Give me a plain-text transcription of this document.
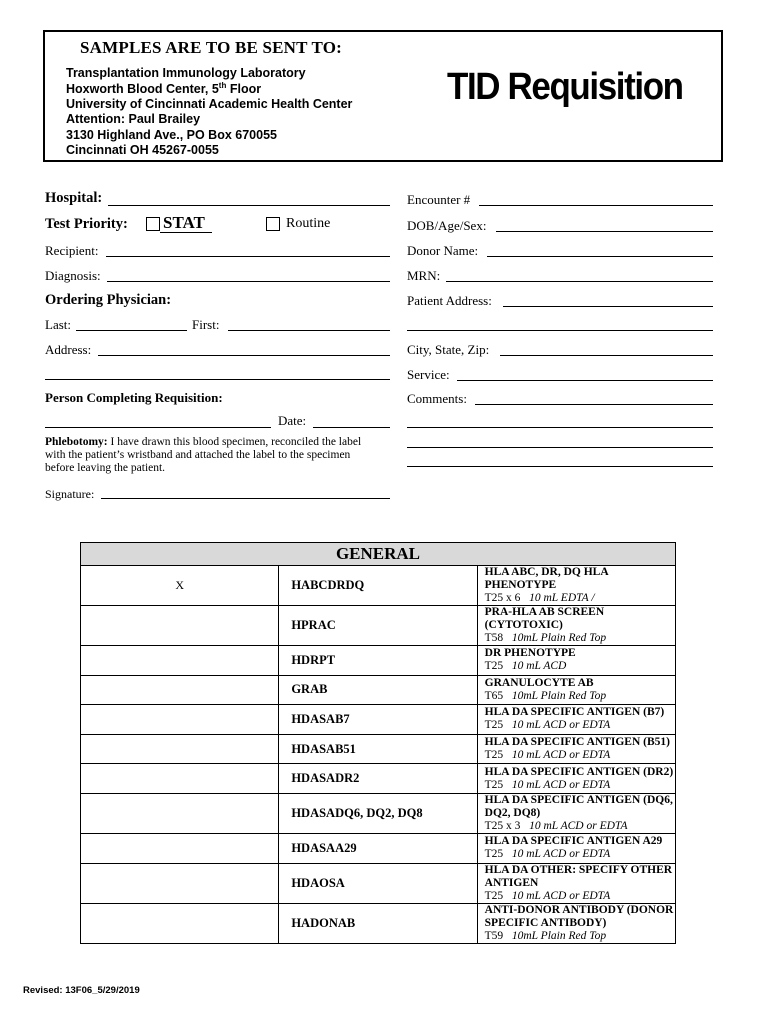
SAMPLES ARE TO BE SENT TO:
Transplantation Immunology Laboratory
Hoxworth Blood Center, 5th Floor
University of Cincinnati Academic Health Center
Attention: Paul Brailey
3130 Highland Ave., PO Box 670055
Cincinnati OH 45267-0055
TID Requisition
Hospital:
Test Priority: STAT	Routine
Recipient:
Diagnosis:
Ordering Physician:
Last:	First:
Address:
Person Completing Requisition:
Date:
Phlebotomy: I have drawn this blood specimen, reconciled the label with the patient’s wristband and attached the label to the specimen before leaving the patient.
Signature:
Encounter #
DOB/Age/Sex:
Donor Name:
MRN:
Patient Address:
City, State, Zip:
Service:
Comments:
GENERAL		
X	HABCDRDQ	HLA ABC, DR, DQ HLA PHENOTYPE
T25 x 6 10 mL EDTA /

	HPRAC	PRA-HLA AB SCREEN (CYTOTOXIC)
T58 10mL Plain Red Top

	HDRPT	DR PHENOTYPE
T25 10 mL ACD

	GRAB	GRANULOCYTE AB
T65 10mL Plain Red Top

	HDASAB7	HLA DA SPECIFIC ANTIGEN (B7)
T25 10 mL ACD or EDTA

	HDASAB51	HLA DA SPECIFIC ANTIGEN (B51)
T25 10 mL ACD or EDTA

	HDASADR2	HLA DA SPECIFIC ANTIGEN (DR2)
T25 10 mL ACD or EDTA

	HDASADQ6, DQ2, DQ8	HLA DA SPECIFIC ANTIGEN (DQ6, DQ2, DQ8)
T25 x 3 10 mL ACD or EDTA

	HDASAA29	HLA DA SPECIFIC ANTIGEN A29
T25 10 mL ACD or EDTA

	HDAOSA	HLA DA OTHER: SPECIFY OTHER ANTIGEN
T25 10 mL ACD or EDTA

	HADONAB	ANTI-DONOR ANTIBODY (DONOR SPECIFIC ANTIBODY)
T59 10mL Plain Red Top
Revised: 13F06_5/29/2019
